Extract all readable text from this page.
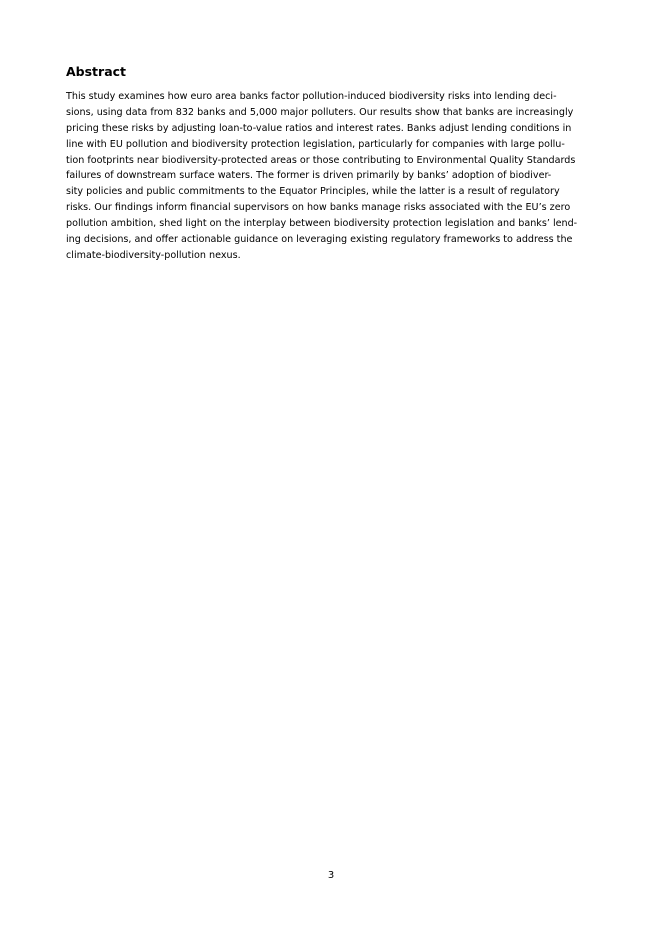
Abstract

This study examines how euro area banks factor pollution-induced biodiversity risks into lending deci-
sions, using data from 832 banks and 5,000 major polluters. Our results show that banks are increasingly
pricing these risks by adjusting loan-to-value ratios and interest rates. Banks adjust lending conditions in
line with EU pollution and biodiversity protection legislation, particularly for companies with large pollu-
tion footprints near biodiversity-protected areas or those contributing to Environmental Quality Standards
failures of downstream surface waters. The former is driven primarily by banks’ adoption of biodiver-
sity policies and public commitments to the Equator Principles, while the latter is a result of regulatory
risks. Our findings inform financial supervisors on how banks manage risks associated with the EU’s zero
pollution ambition, shed light on the interplay between biodiversity protection legislation and banks’ lend-
ing decisions, and offer actionable guidance on leveraging existing regulatory frameworks to address the
climate-biodiversity-pollution nexus.

3
